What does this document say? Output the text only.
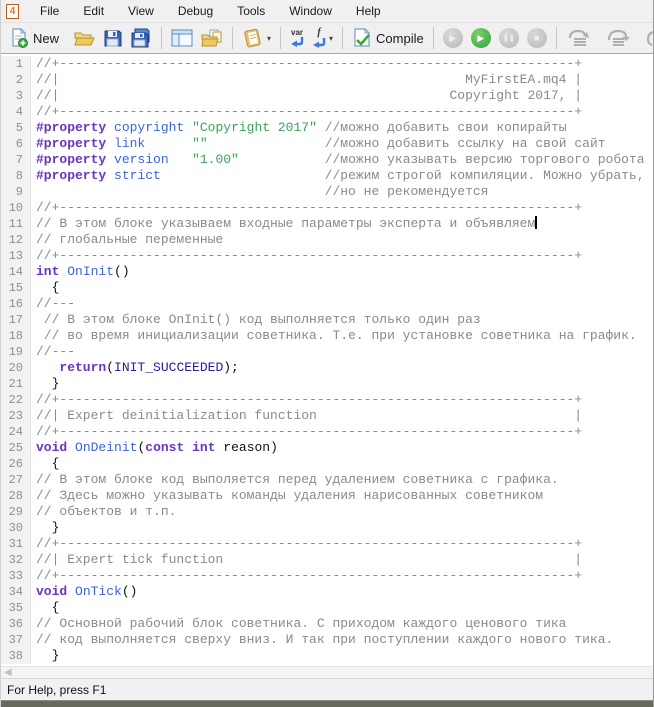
4	File	Edit	View	Debug	Tools	Window	Help
New	▾
var f
▾	Compile	▶ ▶	❚❚ ■
1	//+------------------------------------------------------------------+
2	//|                                                    MyFirstEA.mq4 |
3	//|                                                  Copyright 2017, |
4	//+------------------------------------------------------------------+
5	#property copyright "Copyright 2017" //можно добавить свои копирайты
6	#property link	""	//можно добавить ссылку на свой сайт
7	#property version "1.00"	//можно указывать версию торгового робота
8	#property strict	//режим строгой компиляции. Можно убрать,
9	//но не рекомендуется
10	//+------------------------------------------------------------------+
11	// В этом блоке указываем входные параметры эксперта и объявляем
12	// глобальные переменные
13	//+------------------------------------------------------------------+
14	int OnInit()
15	{
16	//---
17	// В этом блоке OnInit() код выполняется только один раз
18	// во время инициализации советника. Т.е. при установке советника на график.
19	//---
20	return(INIT_SUCCEEDED);
21	}
22	//+------------------------------------------------------------------+
23	//| Expert deinitialization function                                 |
24	//+------------------------------------------------------------------+
25	void OnDeinit(const int reason)
26	{
27	// В этом блоке код выполяется перед удалением советника с графика.
28	// Здесь можно указывать команды удаления нарисованных советником
29	// объектов и т.п.
30	}
31	//+------------------------------------------------------------------+
32	//| Expert tick function                                             |
33	//+------------------------------------------------------------------+
34	void OnTick()
35	{
36	// Основной рабочий блок советника. С приходом каждого ценового тика
37	// код выполняется сверху вниз. И так при поступлении каждого нового тика.
38	}
◀
For Help, press F1
